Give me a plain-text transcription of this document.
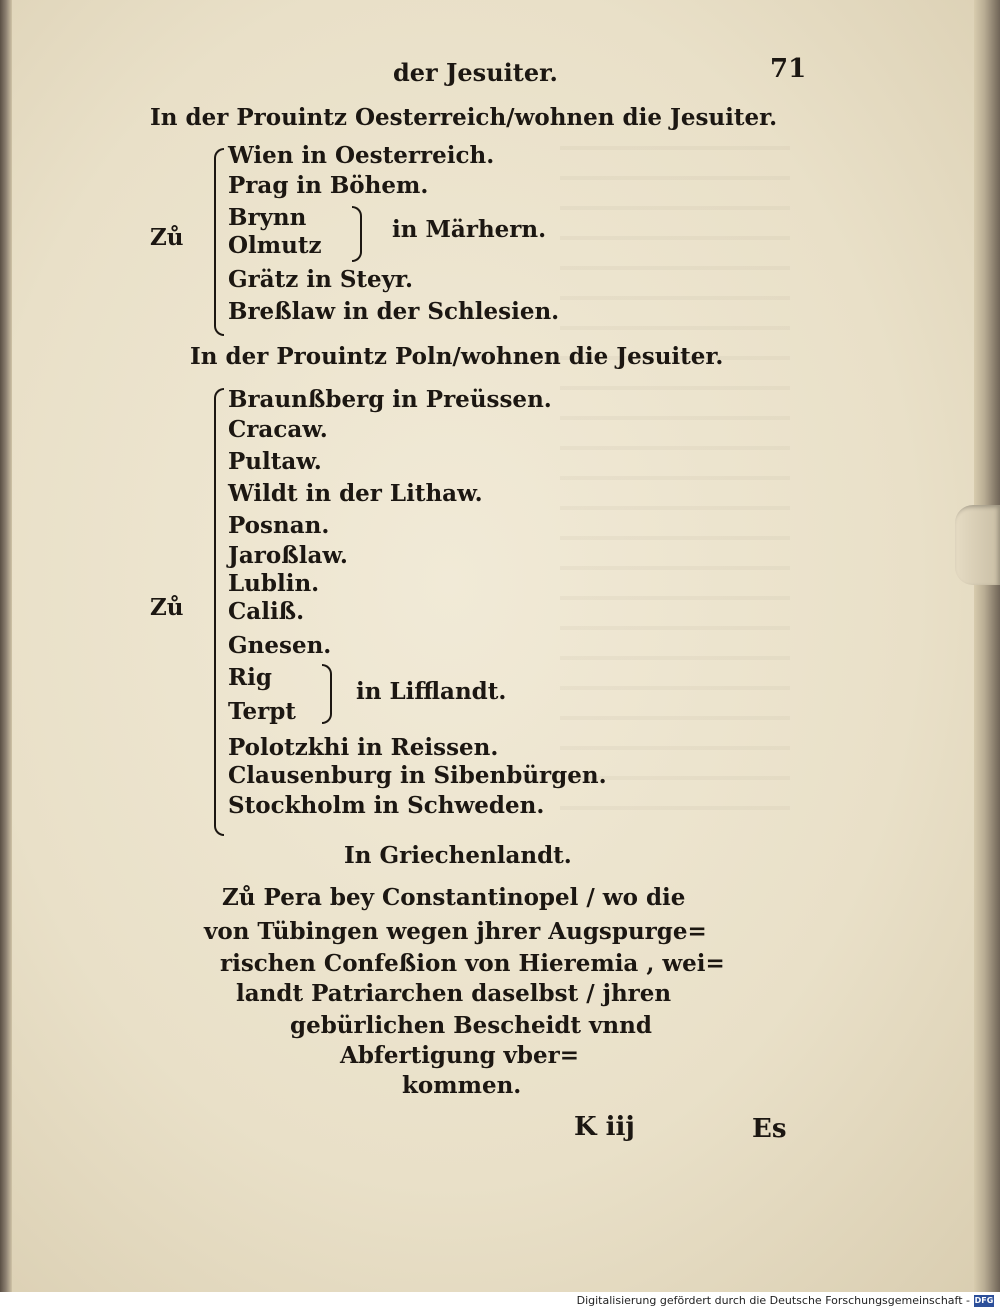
der Jesuiter.	71
In der Prouintz Oesterreich/wohnen die Jesuiter.
Zů
Wien in Oesterreich.
Prag in Böhem.
Brynn
Olmutz
in Märhern.
Grätz in Steyr.
Breßlaw in der Schlesien.
In der Prouintz Poln/wohnen die Jesuiter.
Zů
Braunßberg in Preüssen.
Cracaw.
Pultaw.
Wildt in der Lithaw.
Posnan.
Jaroßlaw.
Lublin.
Caliß.
Gnesen.
Rig
Terpt
in Lifflandt.
Polotzkhi in Reissen.
Clausenburg in Sibenbürgen.
Stockholm in Schweden.
In Griechenlandt.
Zů Pera bey Constantinopel / wo die
von Tübingen wegen jhrer Augspurge=
rischen Confeßion von Hieremia , wei=
landt Patriarchen daselbst / jhren
gebürlichen Bescheidt vnnd
Abfertigung vber=
kommen.
K iij	Es
Digitalisierung gefördert durch die Deutsche Forschungsgemeinschaft - DFG
